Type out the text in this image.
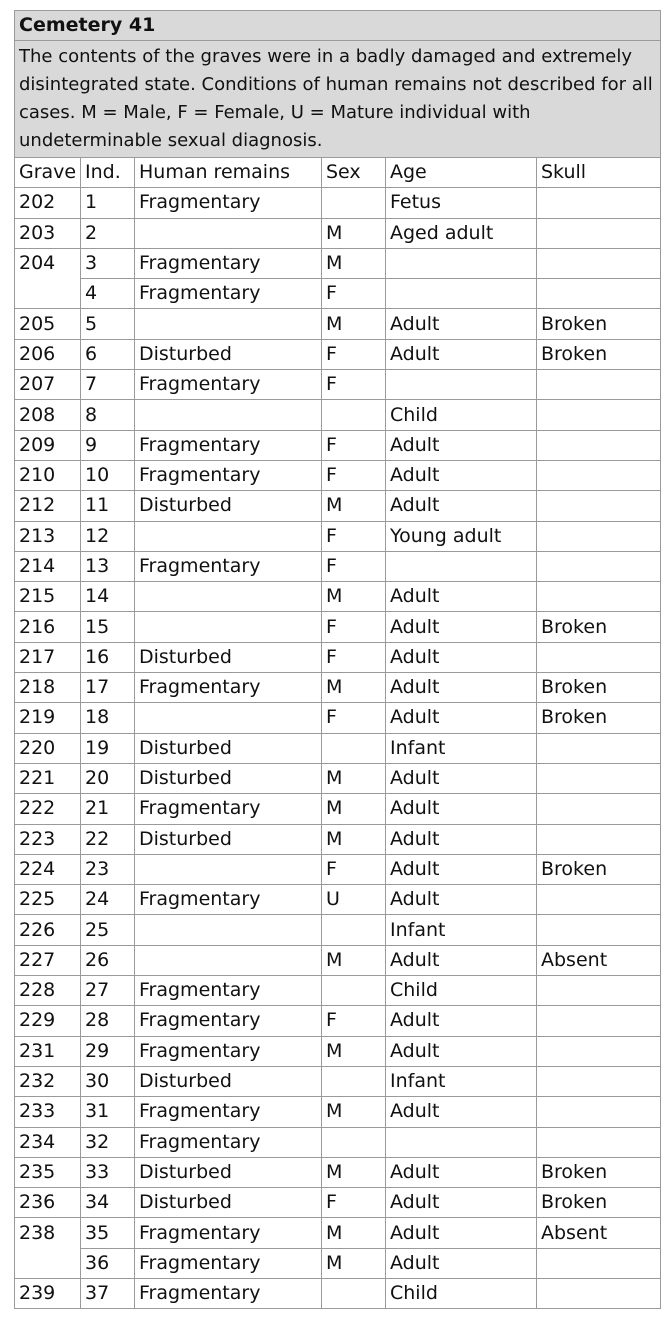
Cemetery 41					
The contents of the graves were in a badly damaged and extremely disintegrated state. Conditions of human remains not described for all cases. M = Male, F = Female, U = Mature individual with undeterminable sexual diagnosis.					
Grave	Ind.	Human remains	Sex	Age	Skull
202	1	Fragmentary		Fetus	
203	2		M	Aged adult	
204	3	Fragmentary	M		
	4	Fragmentary	F		
205	5		M	Adult	Broken
206	6	Disturbed	F	Adult	Broken
207	7	Fragmentary	F		
208	8			Child	
209	9	Fragmentary	F	Adult	
210	10	Fragmentary	F	Adult	
212	11	Disturbed	M	Adult	
213	12		F	Young adult	
214	13	Fragmentary	F		
215	14		M	Adult	
216	15		F	Adult	Broken
217	16	Disturbed	F	Adult	
218	17	Fragmentary	M	Adult	Broken
219	18		F	Adult	Broken
220	19	Disturbed		Infant	
221	20	Disturbed	M	Adult	
222	21	Fragmentary	M	Adult	
223	22	Disturbed	M	Adult	
224	23		F	Adult	Broken
225	24	Fragmentary	U	Adult	
226	25			Infant	
227	26		M	Adult	Absent
228	27	Fragmentary		Child	
229	28	Fragmentary	F	Adult	
231	29	Fragmentary	M	Adult	
232	30	Disturbed		Infant	
233	31	Fragmentary	M	Adult	
234	32	Fragmentary			
235	33	Disturbed	M	Adult	Broken
236	34	Disturbed	F	Adult	Broken
238	35	Fragmentary	M	Adult	Absent
	36	Fragmentary	M	Adult	
239	37	Fragmentary		Child	
